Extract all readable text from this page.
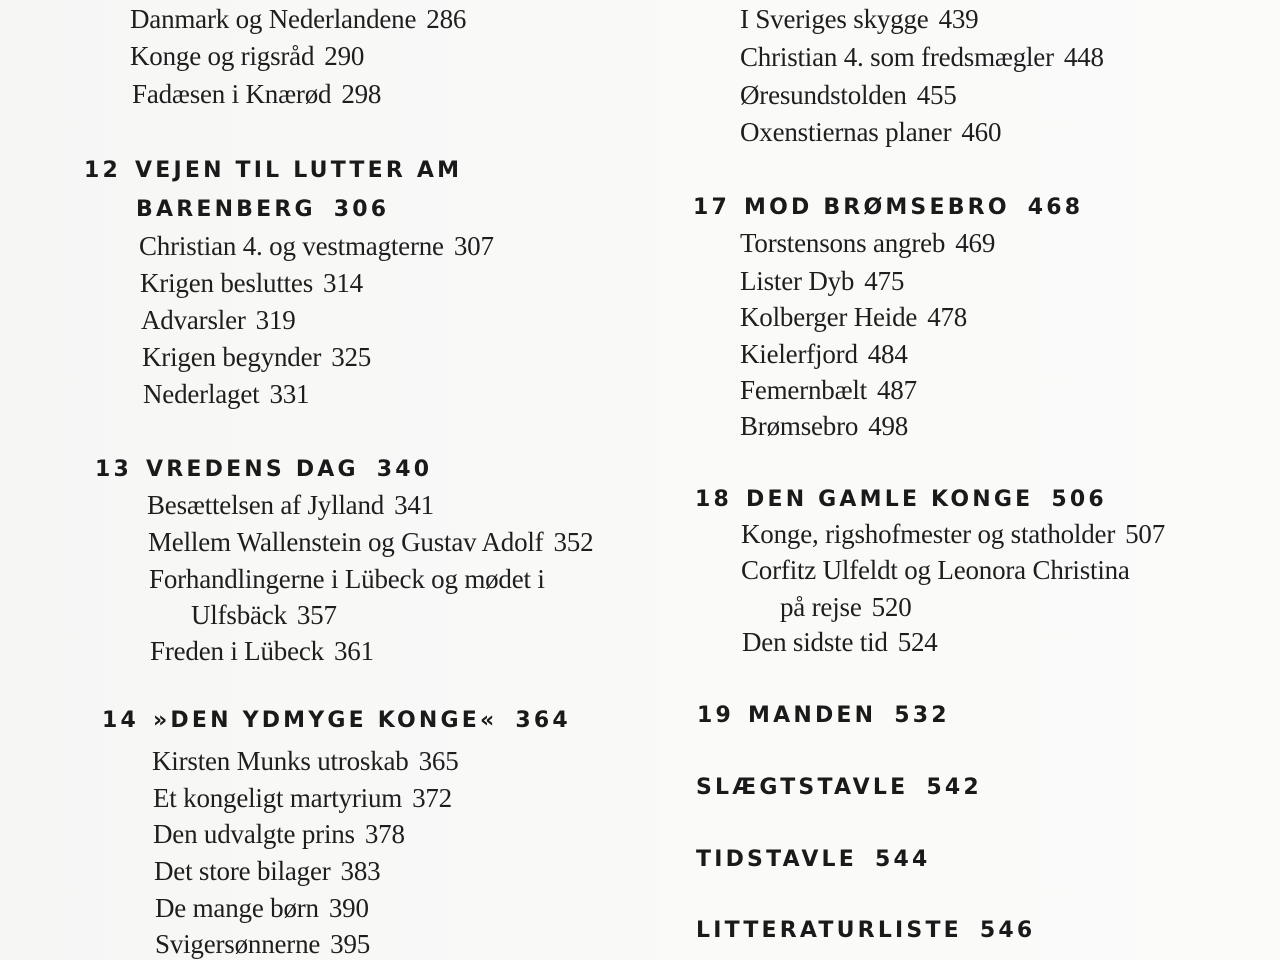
Danmark og Nederlandene 286
Konge og rigsråd 290
Fadæsen i Knærød 298
12 VEJEN TIL LUTTER AM
BARENBERG 306
Christian 4. og vestmagterne 307
Krigen besluttes 314
Advarsler 319
Krigen begynder 325
Nederlaget 331
13 VREDENS DAG 340
Besættelsen af Jylland 341
Mellem Wallenstein og Gustav Adolf 352
Forhandlingerne i Lübeck og mødet i
Ulfsbäck 357
Freden i Lübeck 361
14 »DEN YDMYGE KONGE« 364
Kirsten Munks utroskab 365
Et kongeligt martyrium 372
Den udvalgte prins 378
Det store bilager 383
De mange børn 390
Svigersønnerne 395
I Sveriges skygge 439
Christian 4. som fredsmægler 448
Øresundstolden 455
Oxenstiernas planer 460
17 MOD BRØMSEBRO 468
Torstensons angreb 469
Lister Dyb 475
Kolberger Heide 478
Kielerfjord 484
Femernbælt 487
Brømsebro 498
18 DEN GAMLE KONGE 506
Konge, rigshofmester og statholder 507
Corfitz Ulfeldt og Leonora Christina
på rejse 520
Den sidste tid 524
19 MANDEN 532
SLÆGTSTAVLE 542
TIDSTAVLE 544
LITTERATURLISTE 546
